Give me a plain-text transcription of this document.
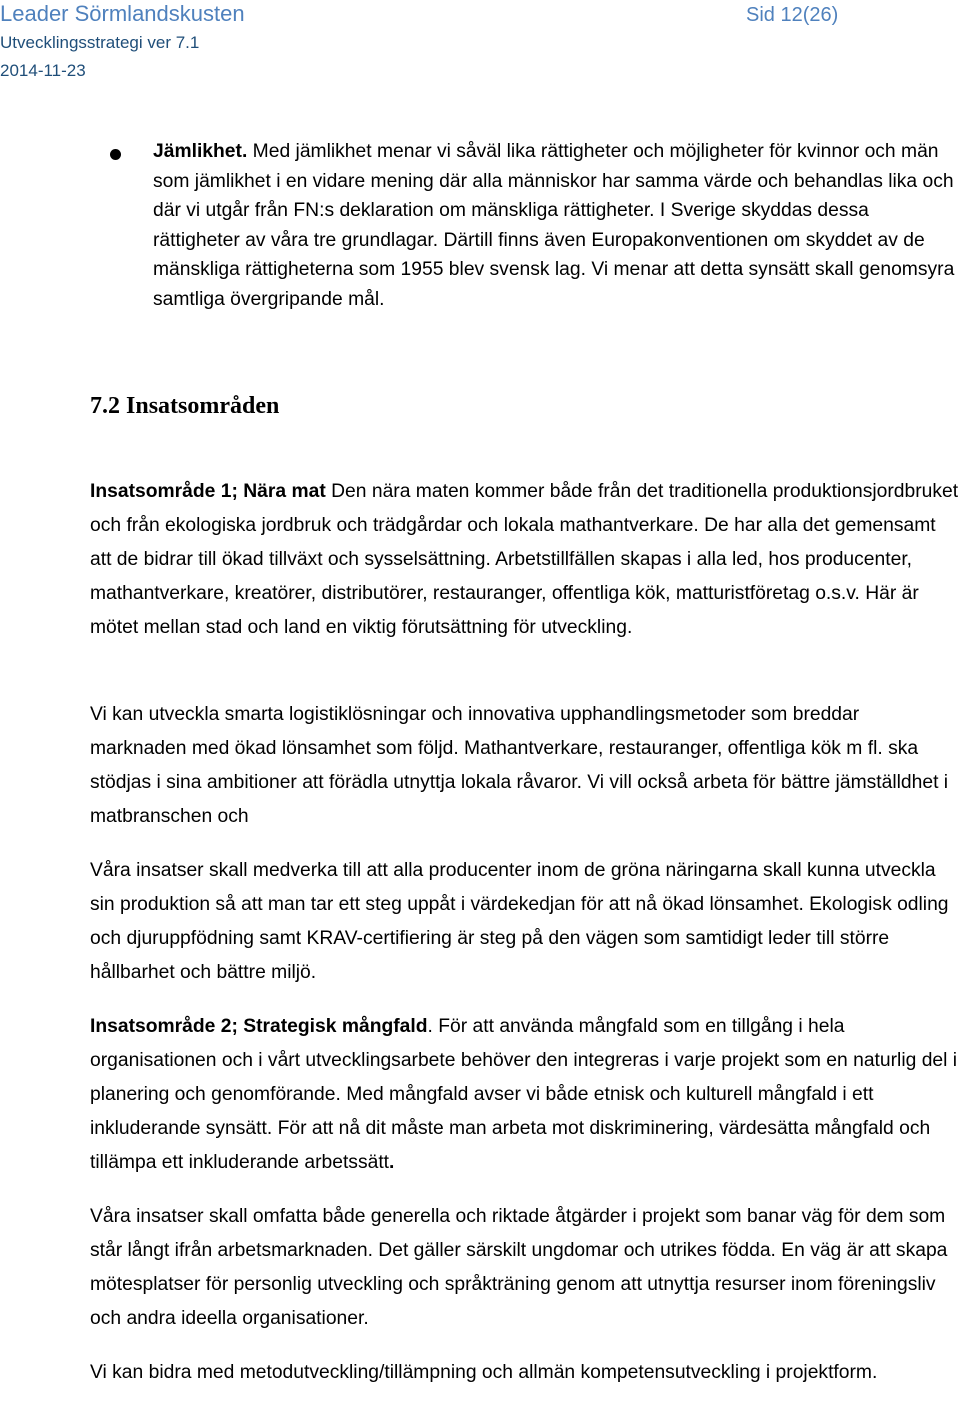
Leader Sörmlandskusten	Sid 12(26)
Utvecklingsstrategi ver 7.1
2014-11-23

Jämlikhet. Med jämlikhet menar vi såväl lika rättigheter och möjligheter för kvinnor och män som jämlikhet i en vidare mening där alla människor har samma värde och behandlas lika och där vi utgår från FN:s deklaration om mänskliga rättigheter. I Sverige skyddas dessa rättigheter av våra tre grundlagar. Därtill finns även Europakonventionen om skyddet av de mänskliga rättigheterna som 1955 blev svensk lag. Vi menar att detta synsätt skall genomsyra samtliga övergripande mål.

7.2 Insatsområden

Insatsområde 1; Nära mat Den nära maten kommer både från det traditionella produktionsjordbruket och från ekologiska jordbruk och trädgårdar och lokala mathantverkare. De har alla det gemensamt att de bidrar till ökad tillväxt och sysselsättning. Arbetstillfällen skapas i alla led, hos producenter, mathantverkare, kreatörer, distributörer, restauranger, offentliga kök, matturistföretag o.s.v. Här är mötet mellan stad och land en viktig förutsättning för utveckling.

Vi kan utveckla smarta logistiklösningar och innovativa upphandlingsmetoder som breddar marknaden med ökad lönsamhet som följd. Mathantverkare, restauranger, offentliga kök m fl. ska stödjas i sina ambitioner att förädla utnyttja lokala råvaror. Vi vill också arbeta för bättre jämställdhet i matbranschen och

Våra insatser skall medverka till att alla producenter inom de gröna näringarna skall kunna utveckla sin produktion så att man tar ett steg uppåt i värdekedjan för att nå ökad lönsamhet. Ekologisk odling och djuruppfödning samt KRAV-certifiering är steg på den vägen som samtidigt leder till större hållbarhet och bättre miljö.

Insatsområde 2; Strategisk mångfald. För att använda mångfald som en tillgång i hela organisationen och i vårt utvecklingsarbete behöver den integreras i varje projekt som en naturlig del i planering och genomförande. Med mångfald avser vi både etnisk och kulturell mångfald i ett inkluderande synsätt. För att nå dit måste man arbeta mot diskriminering, värdesätta mångfald och tillämpa ett inkluderande arbetssätt.

Våra insatser skall omfatta både generella och riktade åtgärder i projekt som banar väg för dem som står långt ifrån arbetsmarknaden. Det gäller särskilt ungdomar och utrikes födda. En väg är att skapa mötesplatser för personlig utveckling och språkträning genom att utnyttja resurser inom föreningsliv och andra ideella organisationer.

Vi kan bidra med metodutveckling/tillämpning och allmän kompetensutveckling i projektform.
